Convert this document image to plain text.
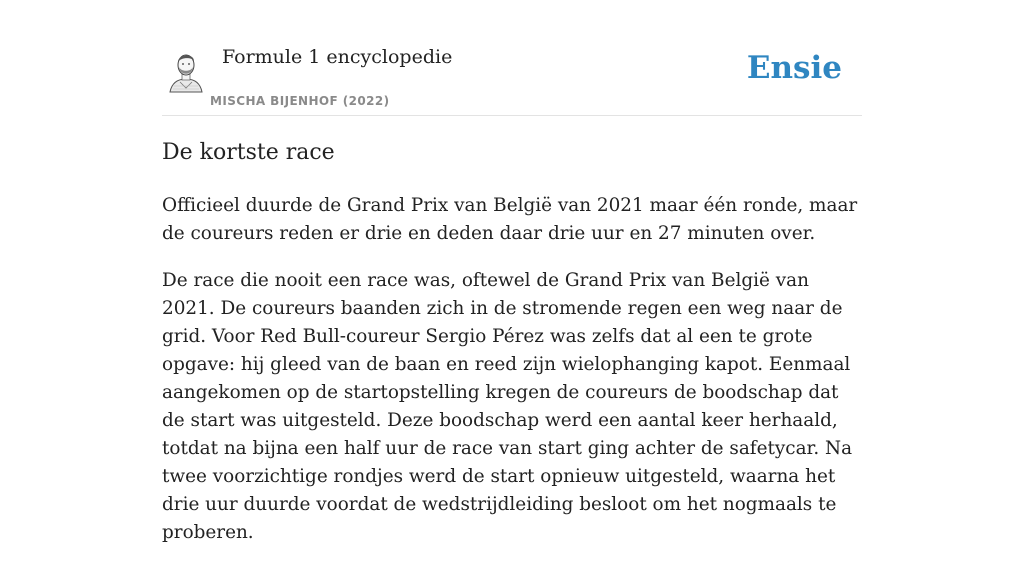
Formule 1 encyclopedie
MISCHA BIJENHOF (2022)
Ensie
De kortste race

Officieel duurde de Grand Prix van België van 2021 maar één ronde, maar de coureurs reden er drie en deden daar drie uur en 27 minuten over.

De race die nooit een race was, oftewel de Grand Prix van België van 2021. De coureurs baanden zich in de stromende regen een weg naar de grid. Voor Red Bull-coureur Sergio Pérez was zelfs dat al een te grote opgave: hij gleed van de baan en reed zijn wielophanging kapot. Eenmaal aangekomen op de startopstelling kregen de coureurs de boodschap dat de start was uitgesteld. Deze boodschap werd een aantal keer herhaald, totdat na bijna een half uur de race van start ging achter de safetycar. Na twee voorzichtige rondjes werd de start opnieuw uitgesteld, waarna het drie uur duurde voordat de wedstrijdleiding besloot om het nogmaals te proberen.
